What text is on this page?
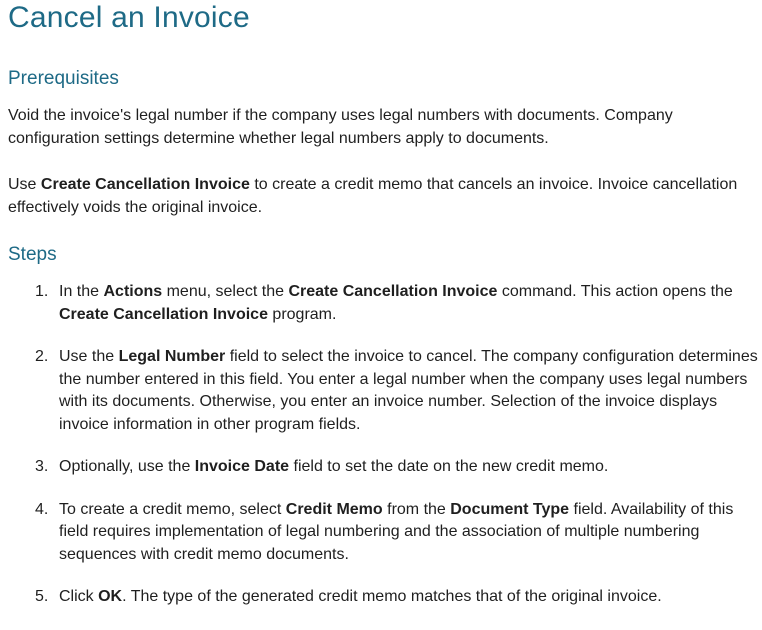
Cancel an Invoice
Prerequisites

Void the invoice's legal number if the company uses legal numbers with documents. Company configuration settings determine whether legal numbers apply to documents.

Use Create Cancellation Invoice to create a credit memo that cancels an invoice. Invoice cancellation effectively voids the original invoice.

Steps
1. In the Actions menu, select the Create Cancellation Invoice command. This action opens the Create Cancellation Invoice program.
2. Use the Legal Number field to select the invoice to cancel. The company configuration determines the number entered in this field. You enter a legal number when the company uses legal numbers with its documents. Otherwise, you enter an invoice number. Selection of the invoice displays invoice information in other program fields.
3. Optionally, use the Invoice Date field to set the date on the new credit memo.
4. To create a credit memo, select Credit Memo from the Document Type field. Availability of this field requires implementation of legal numbering and the association of multiple numbering sequences with credit memo documents.
5. Click OK. The type of the generated credit memo matches that of the original invoice.
